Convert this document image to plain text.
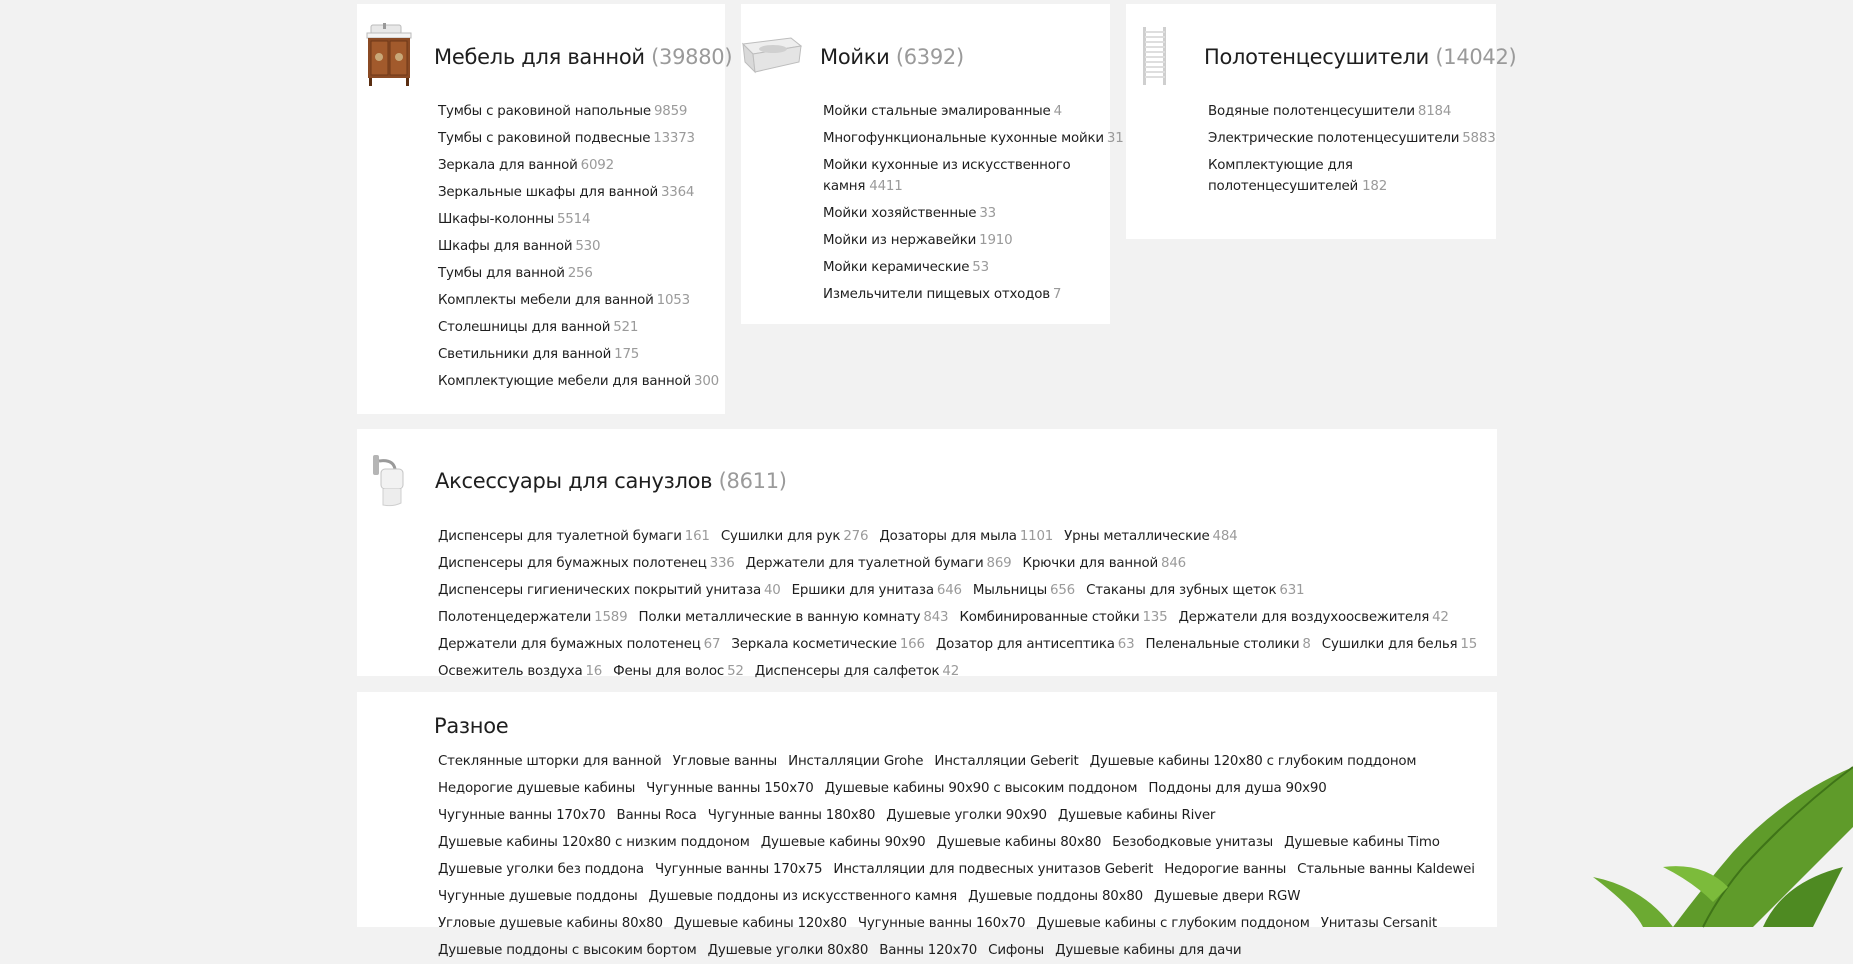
Мебель для ванной (39880)
Тумбы с раковиной напольные 9859
Тумбы с раковиной подвесные 13373
Зеркала для ванной 6092
Зеркальные шкафы для ванной 3364
Шкафы-колонны 5514
Шкафы для ванной 530
Тумбы для ванной 256
Комплекты мебели для ванной 1053
Столешницы для ванной 521
Светильники для ванной 175
Комплектующие мебели для ванной 300
Мойки (6392)
Мойки стальные эмалированные 4
Многофункциональные кухонные мойки 31
Мойки кухонные из искусственного камня 4411
Мойки хозяйственные 33
Мойки из нержавейки 1910
Мойки керамические 53
Измельчители пищевых отходов 7
Полотенцесушители (14042)
Водяные полотенцесушители 8184
Электрические полотенцесушители 5883
Комплектующие для полотенцесушителей 182
Аксессуары для санузлов (8611)
Диспенсеры для туалетной бумаги 161 Сушилки для рук 276 Дозаторы для мыла 1101 Урны металлические 484 Диспенсеры для бумажных полотенец 336 Держатели для туалетной бумаги 869 Крючки для ванной 846 Диспенсеры гигиенических покрытий унитаза 40 Ершики для унитаза 646 Мыльницы 656 Стаканы для зубных щеток 631 Полотенцедержатели 1589 Полки металлические в ванную комнату 843 Комбинированные стойки 135 Держатели для воздухоосвежителя 42 Держатели для бумажных полотенец 67 Зеркала косметические 166 Дозатор для антисептика 63 Пеленальные столики 8 Сушилки для белья 15 Освежитель воздуха 16 Фены для волос 52 Диспенсеры для салфеток 42
Разное
Стеклянные шторки для ванной Угловые ванны Инсталляции Grohe Инсталляции Geberit Душевые кабины 120x80 с глубоким поддоном Недорогие душевые кабины Чугунные ванны 150x70 Душевые кабины 90x90 с высоким поддоном Поддоны для душа 90x90 Чугунные ванны 170x70 Ванны Roca Чугунные ванны 180x80 Душевые уголки 90x90 Душевые кабины River Душевые кабины 120x80 с низким поддоном Душевые кабины 90x90 Душевые кабины 80x80 Безободковые унитазы Душевые кабины Timo Душевые уголки без поддона Чугунные ванны 170x75 Инсталляции для подвесных унитазов Geberit Недорогие ванны Стальные ванны Kaldewei Чугунные душевые поддоны Душевые поддоны из искусственного камня Душевые поддоны 80x80 Душевые двери RGW Угловые душевые кабины 80x80 Душевые кабины 120x80 Чугунные ванны 160x70 Душевые кабины с глубоким поддоном Унитазы Cersanit Душевые поддоны с высоким бортом Душевые уголки 80x80 Ванны 120x70 Сифоны Душевые кабины для дачи
